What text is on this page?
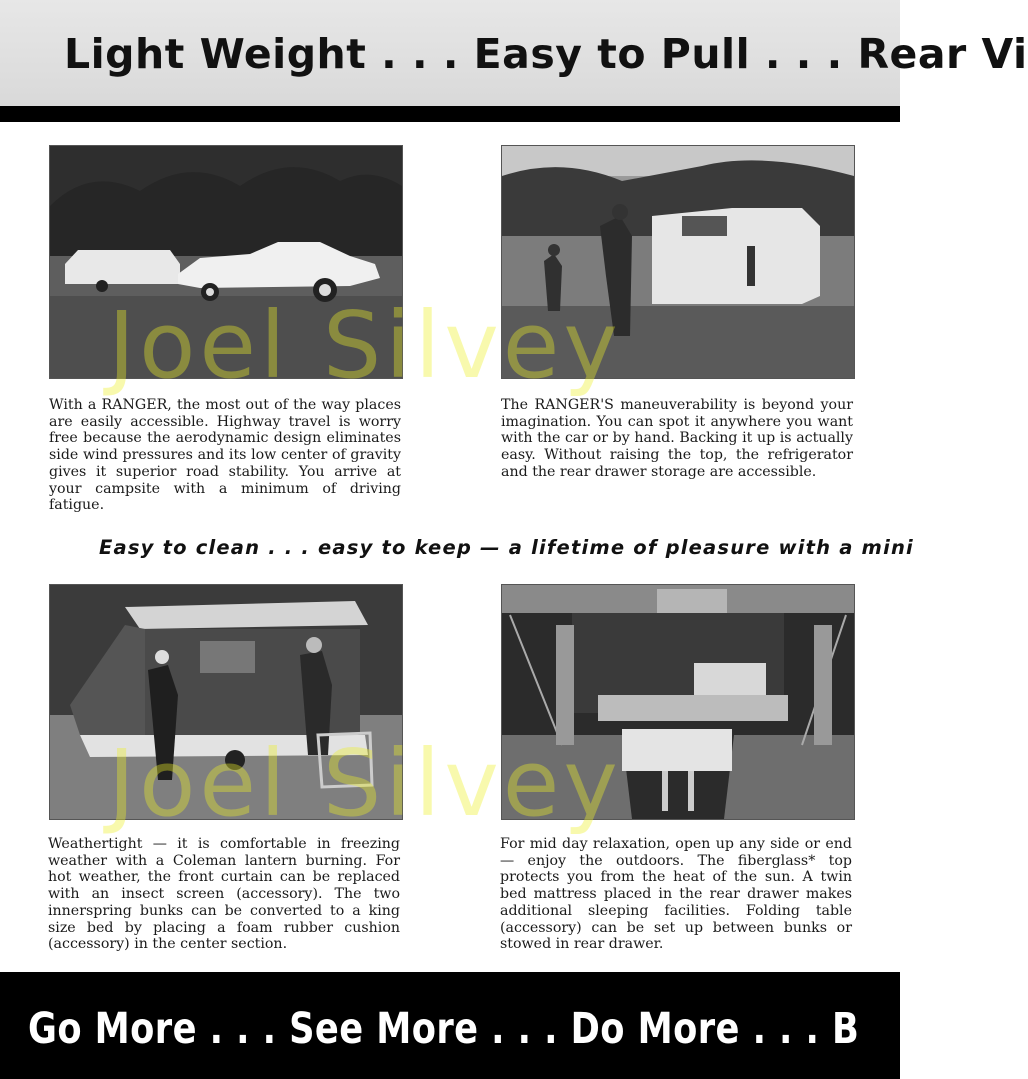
Light Weight . . . Easy to Pull . . . Rear Vi

With a RANGER, the most out of the way places are easily accessible. Highway travel is worry free because the aerodynamic design eliminates side wind pressures and its low center of gravity gives it superior road stability. You arrive at your campsite with a minimum of driving fatigue.

The RANGER'S maneuverability is beyond your imagination. You can spot it anywhere you want with the car or by hand. Backing it up is actually easy. Without raising the top, the refrigerator and the rear drawer storage are accessible.

Easy to clean . . . easy to keep — a lifetime of pleasure with a mini

Weathertight — it is comfortable in freezing weather with a Coleman lantern burning. For hot weather, the front curtain can be replaced with an insect screen (accessory). The two innerspring bunks can be converted to a king size bed by placing a foam rubber cushion (accessory) in the center section.

For mid day relaxation, open up any side or end — enjoy the outdoors. The fiberglass* top protects you from the heat of the sun. A twin bed mattress placed in the rear drawer makes additional sleeping facilities. Folding table (accessory) can be set up between bunks or stowed in rear drawer.

Joel Silvey
Joel Silvey
Go More . . . See More . . . Do More . . . B
